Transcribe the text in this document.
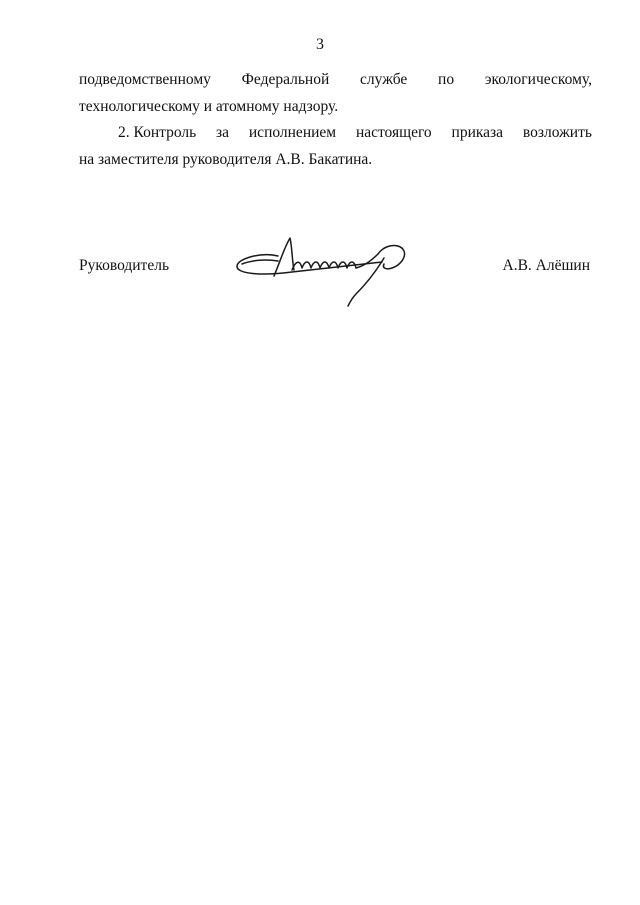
3
подведомственному Федеральной службе по экологическому,
технологическому и атомному надзору.
2. Контроль за исполнением настоящего приказа возложить
на заместителя руководителя А.В. Бакатина.
Руководитель	А.В. Алёшин
